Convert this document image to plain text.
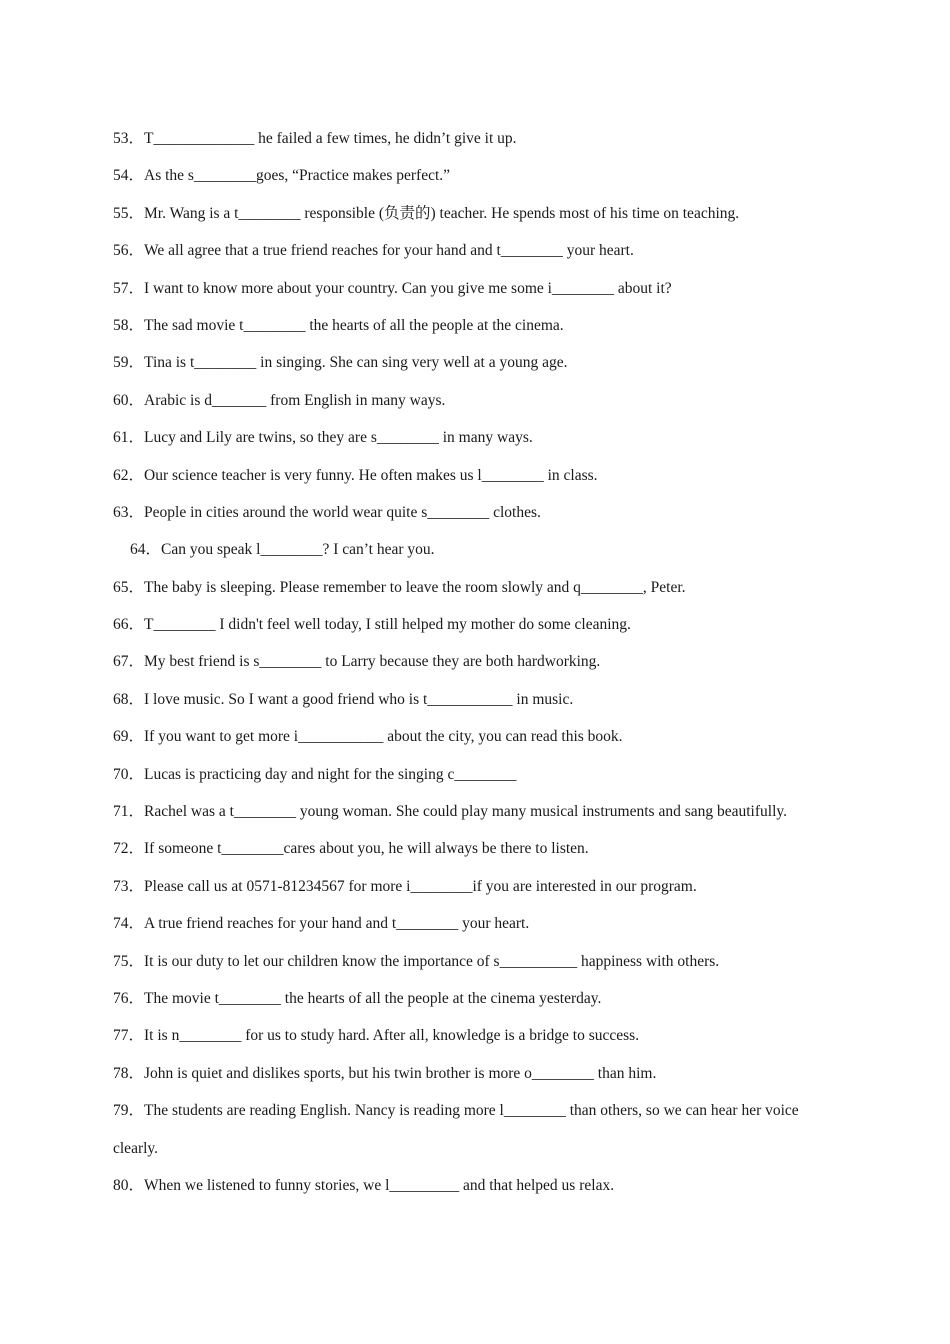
53．T_____________ he failed a few times, he didn’t give it up.
54．As the s________goes, “Practice makes perfect.”
55．Mr. Wang is a t________ responsible (负责的) teacher. He spends most of his time on teaching.
56．We all agree that a true friend reaches for your hand and t________ your heart.
57．I want to know more about your country. Can you give me some i________ about it?
58．The sad movie t________ the hearts of all the people at the cinema.
59．Tina is t________ in singing. She can sing very well at a young age.
60．Arabic is d_______ from English in many ways.
61．Lucy and Lily are twins, so they are s________ in many ways.
62．Our science teacher is very funny. He often makes us l________ in class.
63．People in cities around the world wear quite s________ clothes.
64．Can you speak l________? I can’t hear you.
65．The baby is sleeping. Please remember to leave the room slowly and q________, Peter.
66．T________ I didn't feel well today, I still helped my mother do some cleaning.
67．My best friend is s________ to Larry because they are both hardworking.
68．I love music. So I want a good friend who is t___________ in music.
69．If you want to get more i___________ about the city, you can read this book.
70．Lucas is practicing day and night for the singing c________
71．Rachel was a t________ young woman. She could play many musical instruments and sang beautifully.
72．If someone t________cares about you, he will always be there to listen.
73．Please call us at 0571-81234567 for more i________if you are interested in our program.
74．A true friend reaches for your hand and t________ your heart.
75．It is our duty to let our children know the importance of s__________ happiness with others.
76．The movie t________ the hearts of all the people at the cinema yesterday.
77．It is n________ for us to study hard. After all, knowledge is a bridge to success.
78．John is quiet and dislikes sports, but his twin brother is more o________ than him.
79．The students are reading English. Nancy is reading more l________ than others, so we can hear her voice clearly.
80．When we listened to funny stories, we l_________ and that helped us relax.
